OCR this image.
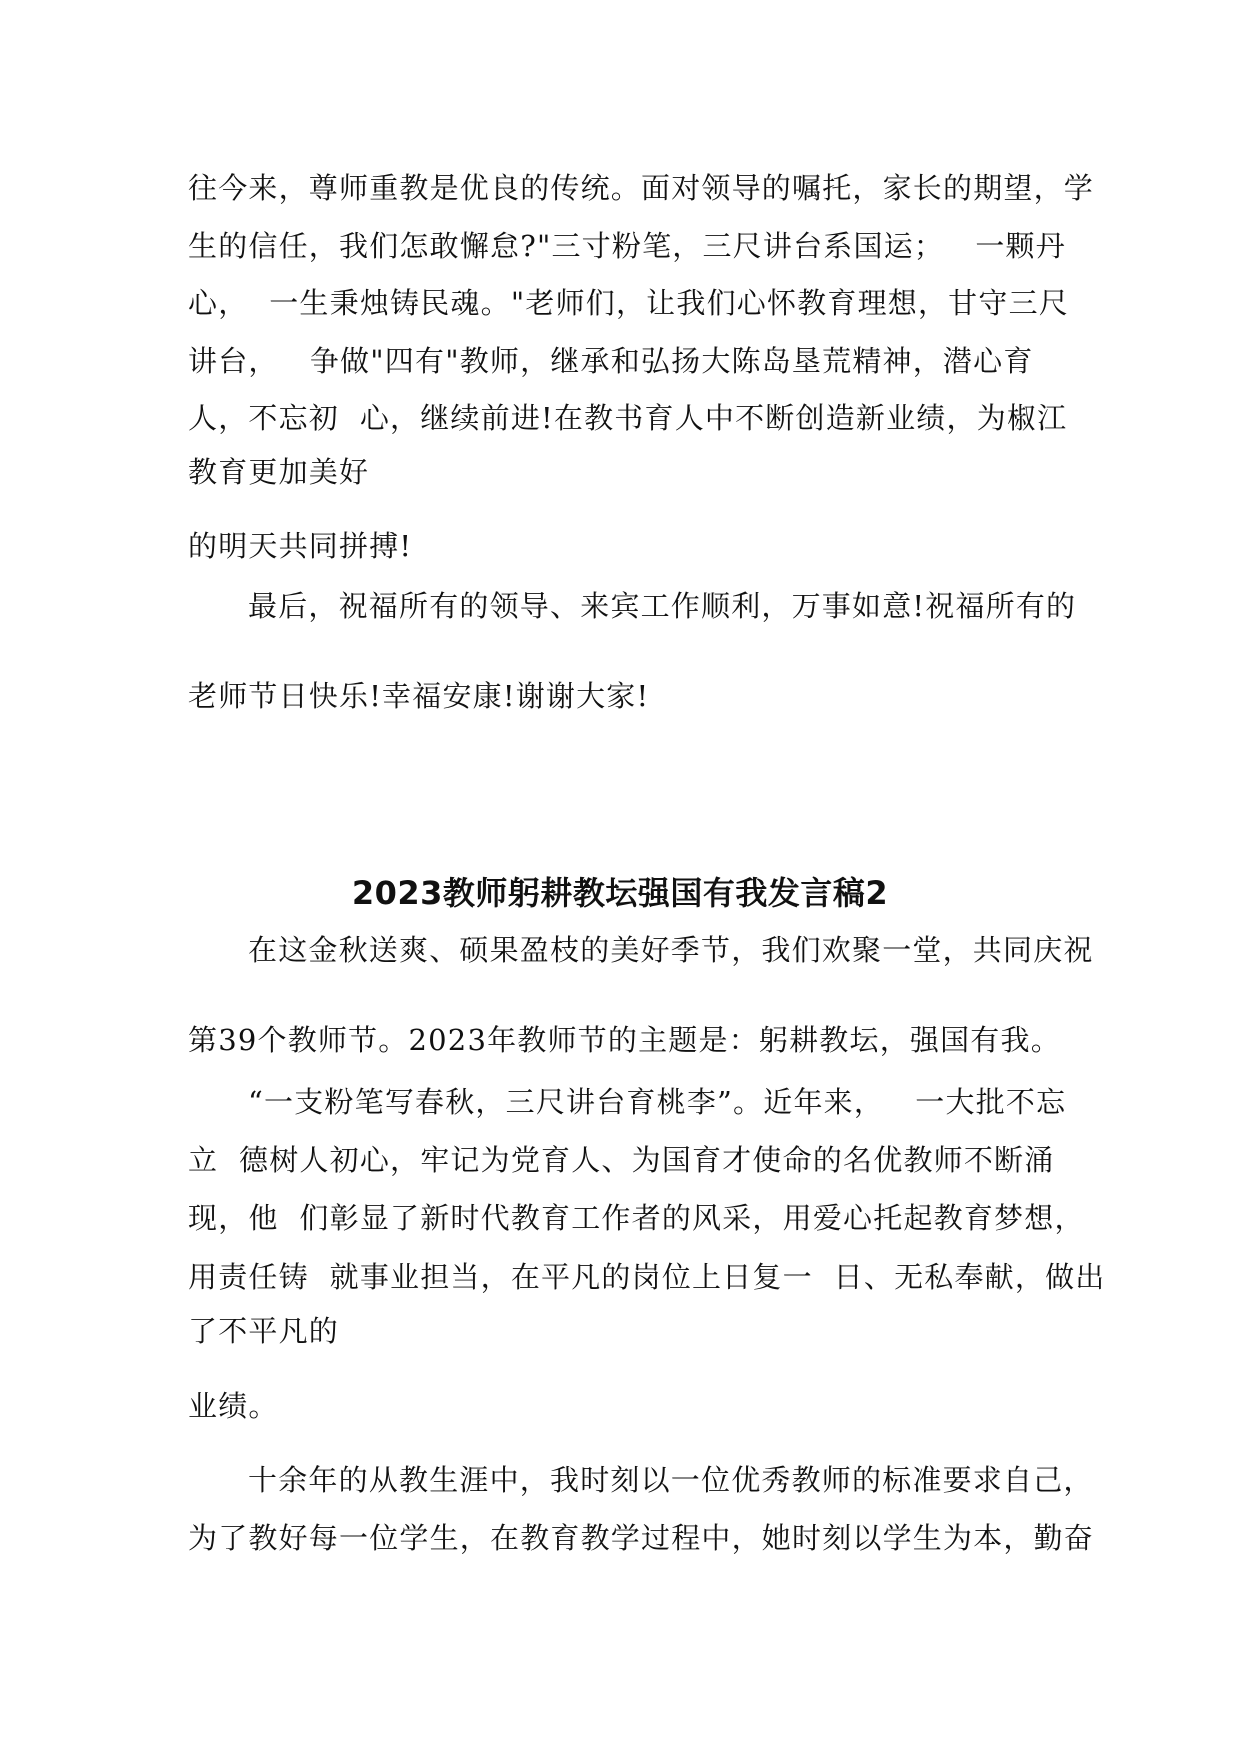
往今来，尊师重教是优良的传统。面对领导的嘱托，家长的期望，学
生的信任，我们怎敢懈怠?"三寸粉笔，三尺讲台系国运；   一颗丹
心，  一生秉烛铸民魂。"老师们，让我们心怀教育理想，甘守三尺
讲台，   争做"四有"教师，继承和弘扬大陈岛垦荒精神，潜心育
人，不忘初  心，继续前进!在教书育人中不断创造新业绩，为椒江
教育更加美好
的明天共同拼搏!
最后，祝福所有的领导、来宾工作顺利，万事如意!祝福所有的
老师节日快乐!幸福安康!谢谢大家!
2023教师躬耕教坛强国有我发言稿2
在这金秋送爽、硕果盈枝的美好季节，我们欢聚一堂，共同庆祝
第39个教师节。2023年教师节的主题是：躬耕教坛，强国有我。
“一支粉笔写春秋，三尺讲台育桃李”。近年来，   一大批不忘
立  德树人初心，牢记为党育人、为国育才使命的名优教师不断涌
现，他  们彰显了新时代教育工作者的风采，用爱心托起教育梦想，
用责任铸  就事业担当，在平凡的岗位上日复一  日、无私奉献，做出
了不平凡的
业绩。
十余年的从教生涯中，我时刻以一位优秀教师的标准要求自己，
为了教好每一位学生，在教育教学过程中，她时刻以学生为本，勤奋
